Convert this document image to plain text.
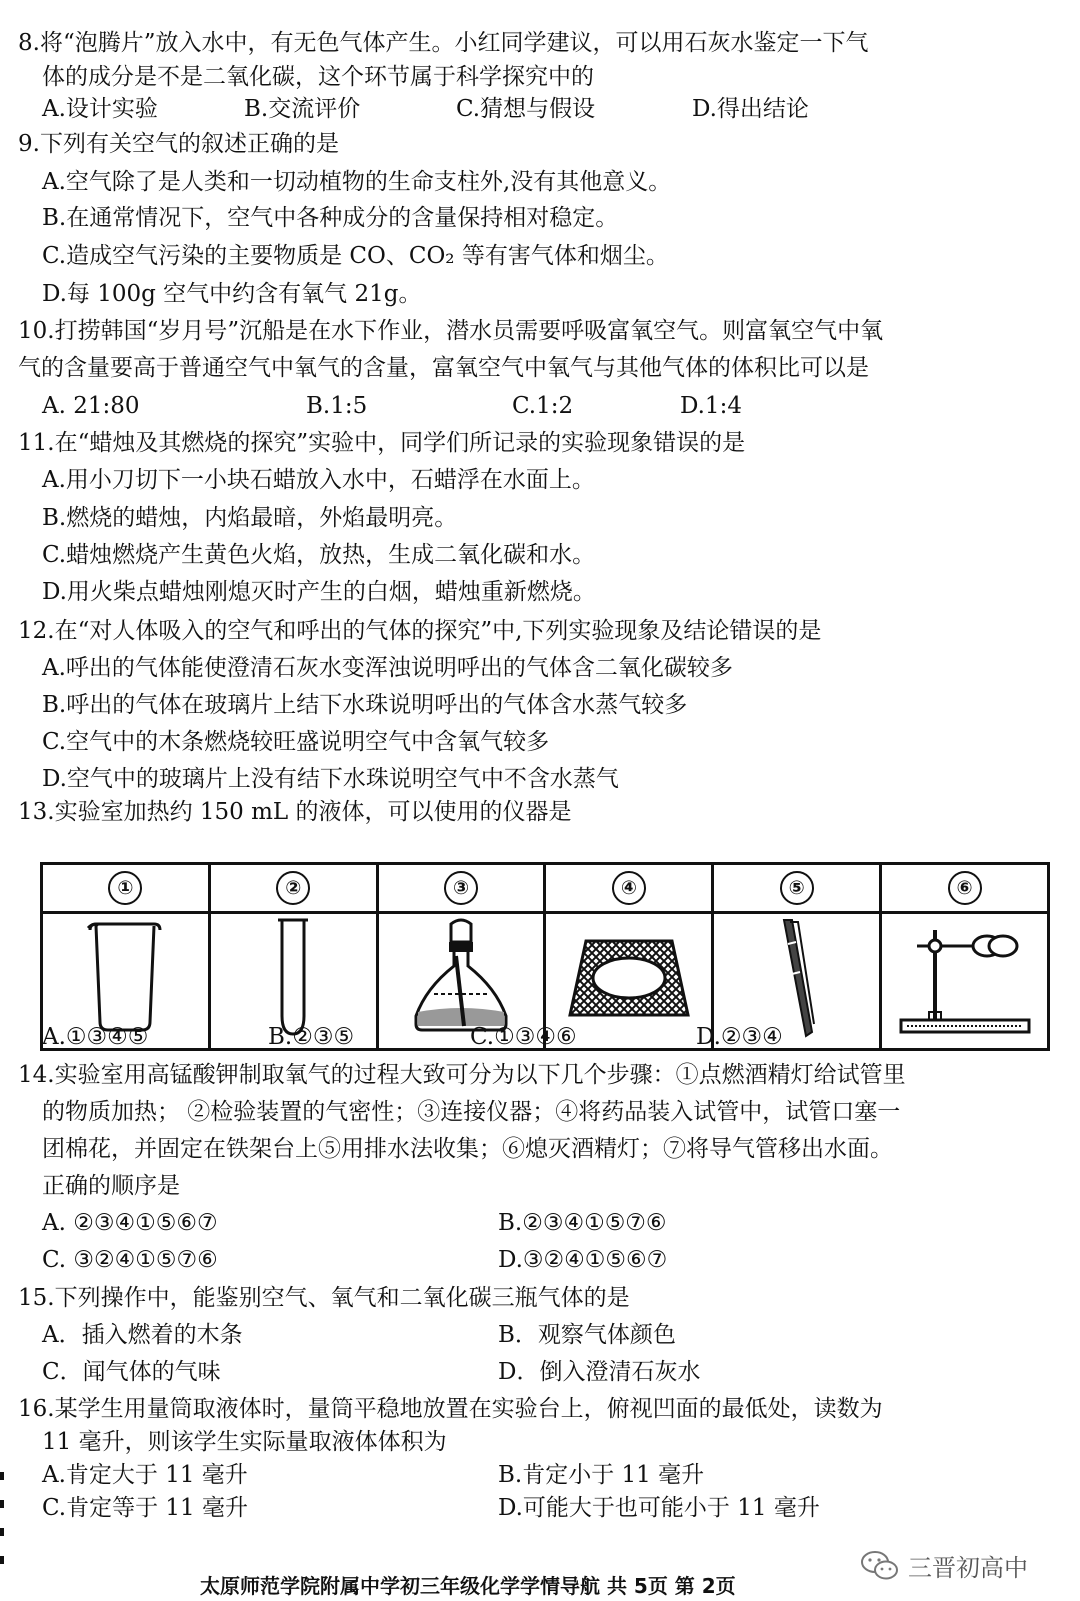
8.将“泡腾片”放入水中，有无色气体产生。小红同学建议，可以用石灰水鉴定一下气
体的成分是不是二氧化碳，这个环节属于科学探究中的
A.设计实验	B.交流评价	C.猜想与假设	D.得出结论
9.下列有关空气的叙述正确的是
A.空气除了是人类和一切动植物的生命支柱外,没有其他意义。
B.在通常情况下，空气中各种成分的含量保持相对稳定。
C.造成空气污染的主要物质是 CO、CO₂ 等有害气体和烟尘。
D.每 100g 空气中约含有氧气 21g。
10.打捞韩国“岁月号”沉船是在水下作业，潜水员需要呼吸富氧空气。则富氧空气中氧
气的含量要高于普通空气中氧气的含量，富氧空气中氧气与其他气体的体积比可以是
A. 21:80	B.1:5	C.1:2	D.1:4
11.在“蜡烛及其燃烧的探究”实验中，同学们所记录的实验现象错误的是
A.用小刀切下一小块石蜡放入水中，石蜡浮在水面上。
B.燃烧的蜡烛，内焰最暗，外焰最明亮。
C.蜡烛燃烧产生黄色火焰，放热，生成二氧化碳和水。
D.用火柴点蜡烛刚熄灭时产生的白烟，蜡烛重新燃烧。
12.在“对人体吸入的空气和呼出的气体的探究”中,下列实验现象及结论错误的是
A.呼出的气体能使澄清石灰水变浑浊说明呼出的气体含二氧化碳较多
B.呼出的气体在玻璃片上结下水珠说明呼出的气体含水蒸气较多
C.空气中的木条燃烧较旺盛说明空气中含氧气较多
D.空气中的玻璃片上没有结下水珠说明空气中不含水蒸气
13.实验室加热约 150 mL 的液体，可以使用的仪器是
①	②	③	④	⑤	⑥

A.①③④⑤	B.②③⑤	C.①③④⑥	D.②③④
14.实验室用高锰酸钾制取氧气的过程大致可分为以下几个步骤：①点燃酒精灯给试管里
的物质加热； ②检验装置的气密性；③连接仪器；④将药品装入试管中，试管口塞一
团棉花，并固定在铁架台上⑤用排水法收集；⑥熄灭酒精灯；⑦将导气管移出水面。
正确的顺序是
A. ②③④①⑤⑥⑦	B.②③④①⑤⑦⑥
C. ③②④①⑤⑦⑥	D.③②④①⑤⑥⑦
15.下列操作中，能鉴别空气、氧气和二氧化碳三瓶气体的是
A．插入燃着的木条	B．观察气体颜色
C．闻气体的气味	D．倒入澄清石灰水
16.某学生用量筒取液体时，量筒平稳地放置在实验台上，俯视凹面的最低处，读数为
11 毫升，则该学生实际量取液体体积为
A.肯定大于 11 毫升	B.肯定小于 11 毫升
C.肯定等于 11 毫升	D.可能大于也可能小于 11 毫升
三晋初高中
太原师范学院附属中学初三年级化学学情导航 共 5页 第 2页
